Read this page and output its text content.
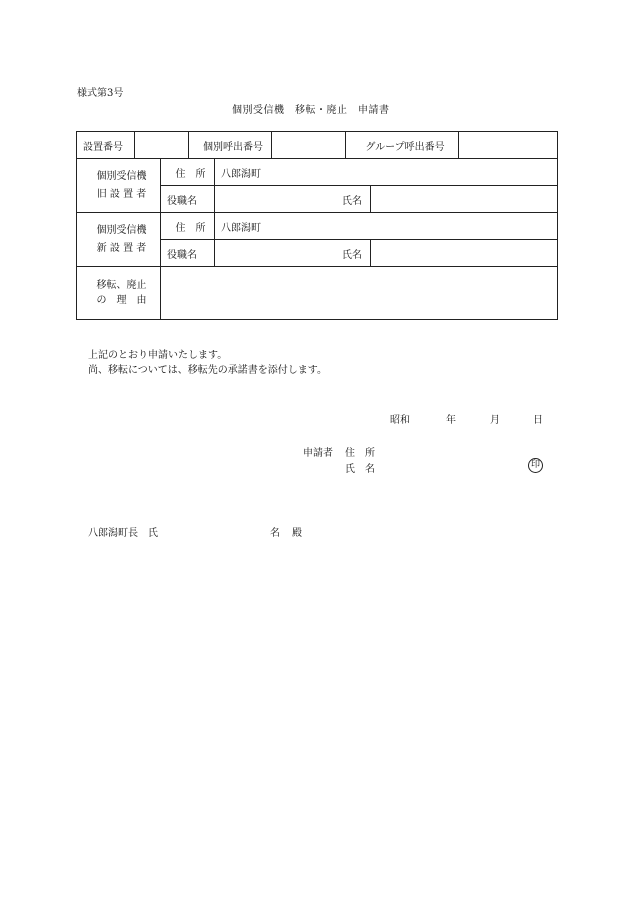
様式第3号
個別受信機　移転・廃止　申請書
設置番号			個別呼出番号			グループ呼出番号		

個別受信機
旧 設 置 者		住　所		八郎潟町				
		役職名		氏名				

個別受信機
新 設 置 者		住　所		八郎潟町				
		役職名		氏名				

移転、廃止
の　理　由								

上記のとおり申請いたします。
尚、移転については、移転先の承諾書を添付します。
昭和	年	月	日
申請者 住　所
氏　名	印
八郎潟町長　氏	名 殿
